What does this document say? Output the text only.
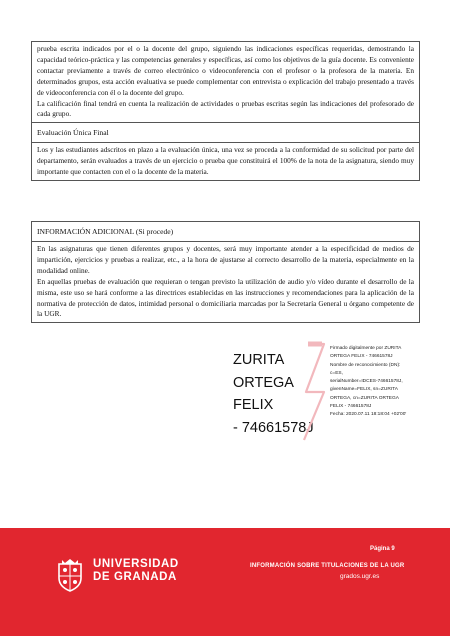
prueba escrita indicados por el o la docente del grupo, siguiendo las indicaciones específicas requeridas, demostrando la capacidad teórico-práctica y las competencias generales y específicas, así como los objetivos de la guía docente. Es conveniente contactar previamente a través de correo electrónico o videoconferencia con el profesor o la profesora de la materia. En determinados grupos, esta acción evaluativa se puede complementar con entrevista o explicación del trabajo presentado a través de videoconferencia con él o la docente del grupo.

La calificación final tendrá en cuenta la realización de actividades o pruebas escritas según las indicaciones del profesorado de cada grupo.

Evaluación Única Final

Los y las estudiantes adscritos en plazo a la evaluación única, una vez se proceda a la conformidad de su solicitud por parte del departamento, serán evaluados a través de un ejercicio o prueba que constituirá el 100% de la nota de la asignatura, siendo muy importante que contacten con el o la docente de la materia.

INFORMACIÓN ADICIONAL (Si procede)

En las asignaturas que tienen diferentes grupos y docentes, será muy importante atender a la especificidad de medios de impartición, ejercicios y pruebas a realizar, etc., a la hora de ajustarse al correcto desarrollo de la materia, especialmente en la modalidad online.

En aquellas pruebas de evaluación que requieran o tengan previsto la utilización de audio y/o vídeo durante el desarrollo de la misma, este uso se hará conforme a las directrices establecidas en las instrucciones y recomendaciones para la aplicación de la normativa de protección de datos, intimidad personal o domiciliaria marcadas por la Secretaría General u órgano competente de la UGR.

ZURITA
ORTEGA FELIX
- 74661578J
Firmado digitalmente por ZURITA
ORTEGA FELIX - 74661578J
Nombre de reconocimiento (DN):
c=ES,
serialNumber=IDCES-74661578J,
givenName=FELIX, sn=ZURITA
ORTEGA, cn=ZURITA ORTEGA
FELIX - 74661578J
Fecha: 2020.07.11 18:18:04 +02'00'
UNIVERSIDAD
DE GRANADA
Página 9
INFORMACIÓN SOBRE TITULACIONES DE LA UGR
grados.ugr.es
